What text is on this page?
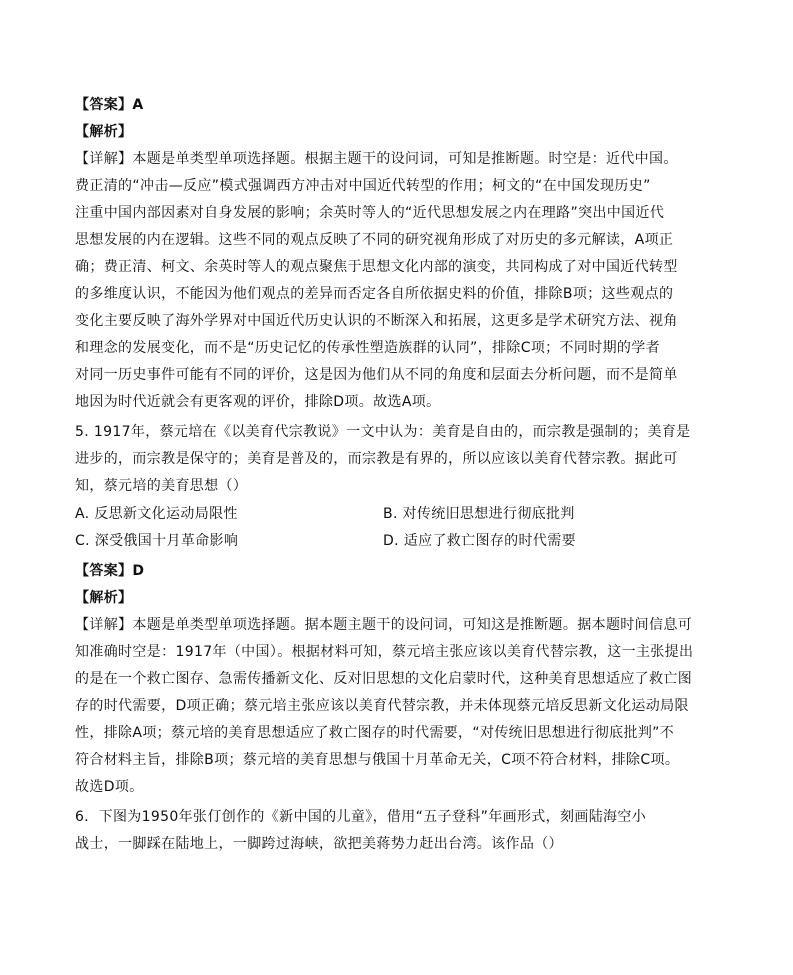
【答案】A
【解析】
【详解】本题是单类型单项选择题。根据主题干的设问词，可知是推断题。时空是：近代中国。
费正清的“冲击—反应”模式强调西方冲击对中国近代转型的作用；柯文的“在中国发现历史”
注重中国内部因素对自身发展的影响；余英时等人的“近代思想发展之内在理路”突出中国近代
思想发展的内在逻辑。这些不同的观点反映了不同的研究视角形成了对历史的多元解读，A项正
确；费正清、柯文、余英时等人的观点聚焦于思想文化内部的演变，共同构成了对中国近代转型
的多维度认识，不能因为他们观点的差异而否定各自所依据史料的价值，排除B项；这些观点的
变化主要反映了海外学界对中国近代历史认识的不断深入和拓展，这更多是学术研究方法、视角
和理念的发展变化，而不是“历史记忆的传承性塑造族群的认同”，排除C项；不同时期的学者
对同一历史事件可能有不同的评价，这是因为他们从不同的角度和层面去分析问题，而不是简单
地因为时代近就会有更客观的评价，排除D项。故选A项。
5. 1917年，蔡元培在《以美育代宗教说》一文中认为：美育是自由的，而宗教是强制的；美育是
进步的，而宗教是保守的；美育是普及的，而宗教是有界的，所以应该以美育代替宗教。据此可
知，蔡元培的美育思想（）
A. 反思新文化运动局限性	B. 对传统旧思想进行彻底批判
C. 深受俄国十月革命影响	D. 适应了救亡图存的时代需要
【答案】D
【解析】
【详解】本题是单类型单项选择题。据本题主题干的设问词，可知这是推断题。据本题时间信息可
知准确时空是：1917年（中国）。根据材料可知，蔡元培主张应该以美育代替宗教，这一主张提出
的是在一个救亡图存、急需传播新文化、反对旧思想的文化启蒙时代，这种美育思想适应了救亡图
存的时代需要，D项正确；蔡元培主张应该以美育代替宗教，并未体现蔡元培反思新文化运动局限
性，排除A项；蔡元培的美育思想适应了救亡图存的时代需要，“对传统旧思想进行彻底批判”不
符合材料主旨，排除B项；蔡元培的美育思想与俄国十月革命无关，C项不符合材料，排除C项。
故选D项。
6．下图为1950年张仃创作的《新中国的儿童》，借用“五子登科”年画形式，刻画陆海空小
战士，一脚踩在陆地上，一脚跨过海峡，欲把美蒋势力赶出台湾。该作品（）
